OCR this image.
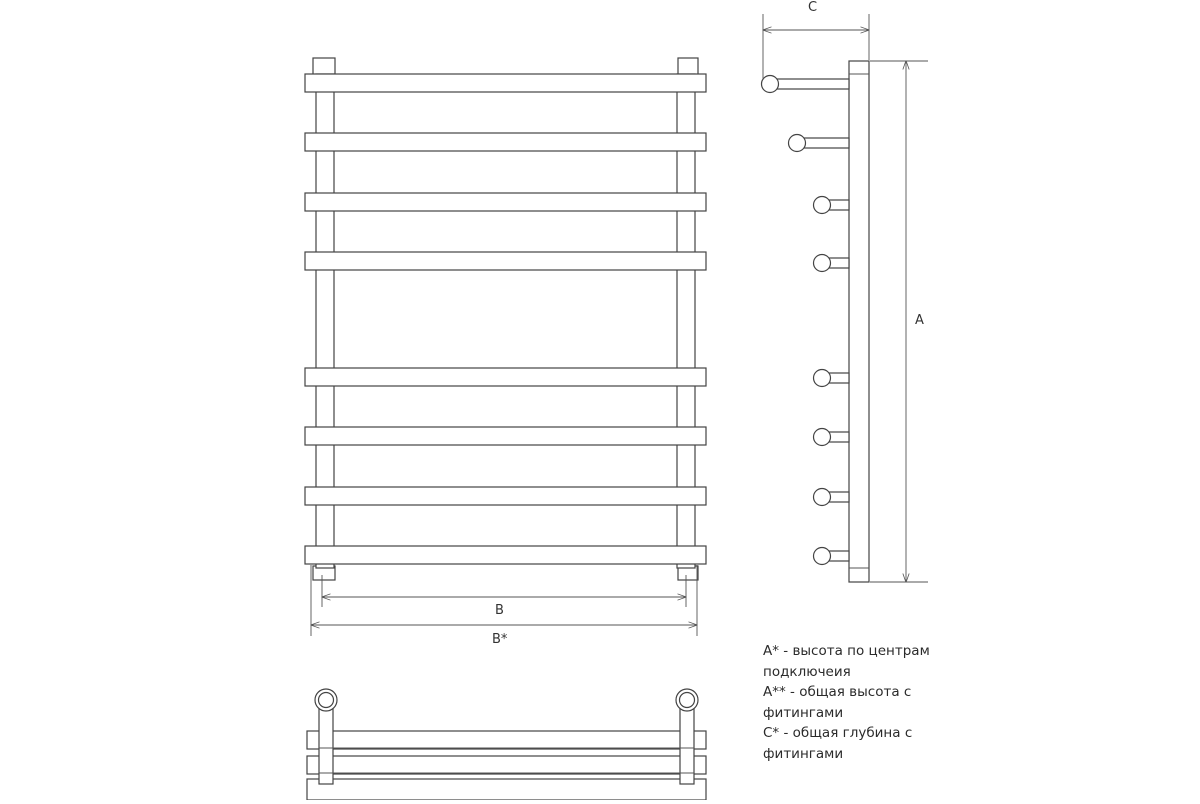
B
B*
C
A
A* - высота по центрам
подключеия
A** - общая высота с
фитингами
C* - общая глубина с
фитингами
